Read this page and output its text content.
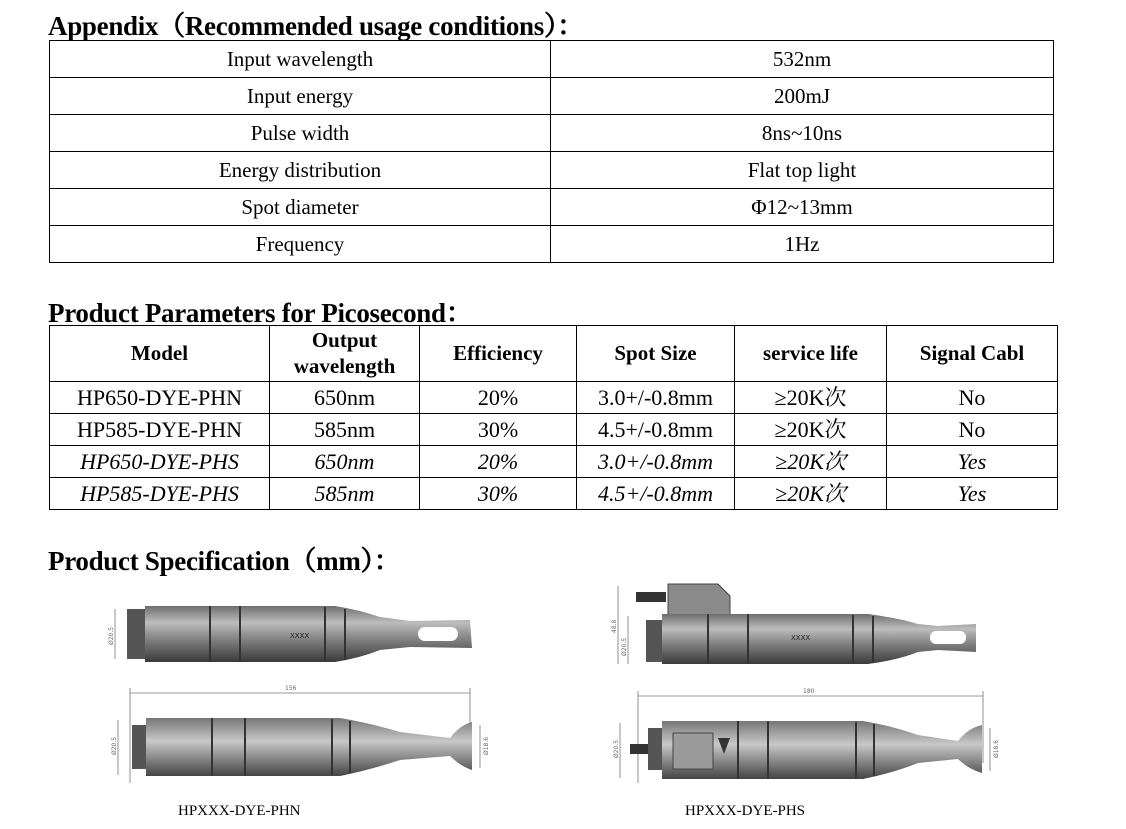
Appendix（Recommended usage conditions）：
Input wavelength	532nm
Input energy	200mJ
Pulse width	8ns~10ns
Energy distribution	Flat top light
Spot diameter	Φ12~13mm
Frequency	1Hz
Product Parameters for Picosecond：
Model	Output wavelength	Efficiency	Spot Size	service life	Signal Cabl
HP650-DYE-PHN	650nm	20%	3.0+/-0.8mm	≥20K次	No
HP585-DYE-PHN	585nm	30%	4.5+/-0.8mm	≥20K次	No
HP650-DYE-PHS	650nm	20%	3.0+/-0.8mm	≥20K次	Yes
HP585-DYE-PHS	585nm	30%	4.5+/-0.8mm	≥20K次	Yes
Product Specification（mm）：
XXXX
Ø20.5
156
Ø20.5	Ø18.6
XXXX
48.8
Ø20.5
180
Ø20.5	Ø18.6
HPXXX-DYE-PHN	HPXXX-DYE-PHS
